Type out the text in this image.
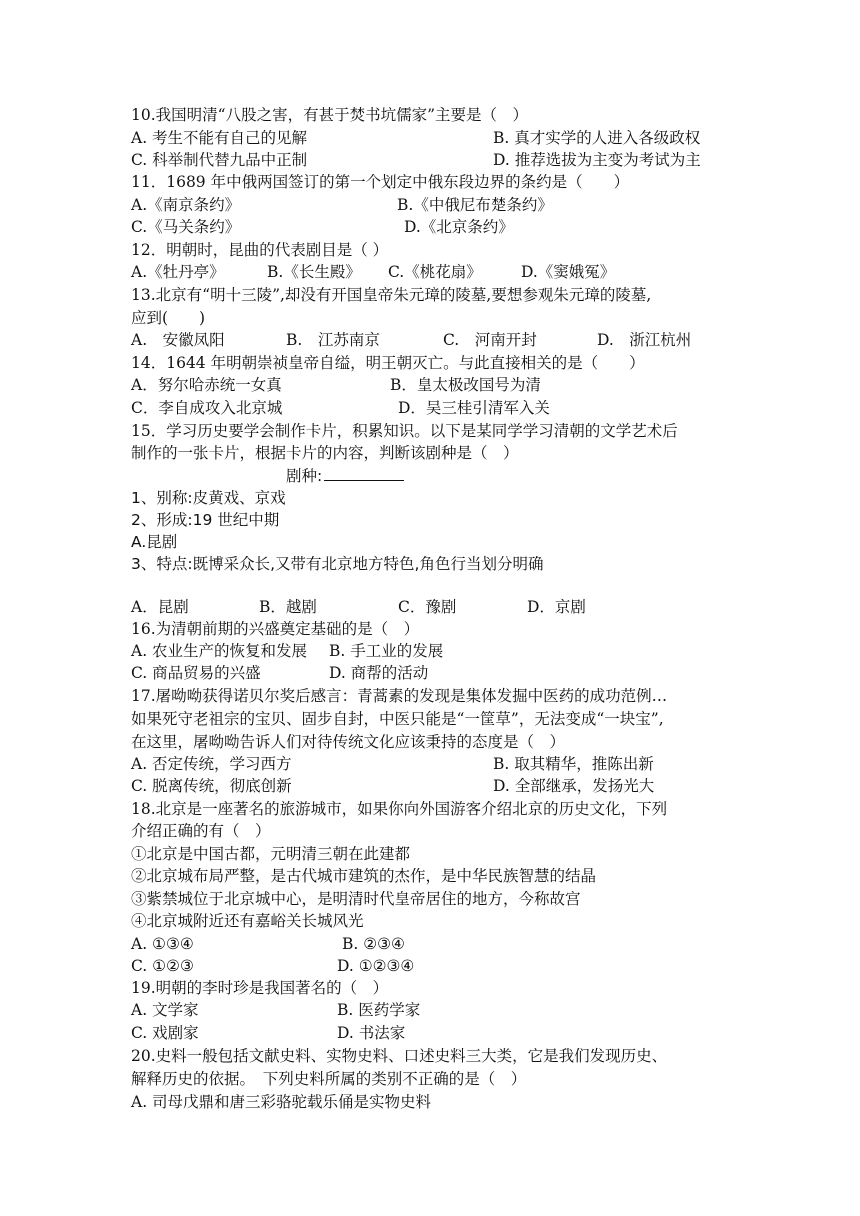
10.我国明清“八股之害，有甚于焚书坑儒家”主要是（　）
A. 考生不能有自己的见解	B. 真才实学的人进入各级政权
C. 科举制代替九品中正制	D. 推荐选拔为主变为考试为主
11．1689 年中俄两国签订的第一个划定中俄东段边界的条约是（　　）
A.《南京条约》	B.《中俄尼布楚条约》
C.《马关条约》	D.《北京条约》
12．明朝时，昆曲的代表剧目是（ ）
A.《牡丹亭》	B.《长生殿》 C.《桃花扇》	D.《窦娥冤》
13.北京有“明十三陵”,却没有开国皇帝朱元璋的陵墓,要想参观朱元璋的陵墓,
应到(　　)
A.　安徽凤阳	B.　江苏南京	C.　河南开封	D.　浙江杭州
14．1644 年明朝崇祯皇帝自缢，明王朝灭亡。与此直接相关的是（　　）
A．努尔哈赤统一女真	B．皇太极改国号为清
C．李自成攻入北京城	D．吴三桂引清军入关
15．学习历史要学会制作卡片，积累知识。以下是某同学学习清朝的文学艺术后
制作的一张卡片，根据卡片的内容，判断该剧种是（　）
剧种:
1、别称:皮黄戏、京戏
2、形成:19 世纪中期
A.昆剧
3、特点:既博采众长,又带有北京地方特色,角色行当划分明确
A．昆剧	B．越剧	C．豫剧	D．京剧
16.为清朝前期的兴盛奠定基础的是（　）
A. 农业生产的恢复和发展 B. 手工业的发展
C. 商品贸易的兴盛	D. 商帮的活动
17.屠呦呦获得诺贝尔奖后感言：青蒿素的发现是集体发掘中医药的成功范例…
如果死守老祖宗的宝贝、固步自封，中医只能是“一筐草”，无法变成“一块宝”,
在这里，屠呦呦告诉人们对待传统文化应该秉持的态度是（　）
A. 否定传统，学习西方	B. 取其精华，推陈出新
C. 脱离传统，彻底创新	D. 全部继承，发扬光大
18.北京是一座著名的旅游城市，如果你向外国游客介绍北京的历史文化，下列
介绍正确的有（　）
①北京是中国古都，元明清三朝在此建都
②北京城布局严整，是古代城市建筑的杰作，是中华民族智慧的结晶
③紫禁城位于北京城中心，是明清时代皇帝居住的地方，今称故宫
④北京城附近还有嘉峪关长城风光
A. ①③④	B. ②③④
C. ①②③	D. ①②③④
19.明朝的李时珍是我国著名的（　）
A. 文学家	B. 医药学家
C. 戏剧家	D. 书法家
20.史料一般包括文献史料、实物史料、口述史料三大类，它是我们发现历史、
解释历史的依据。　下列史料所属的类别不正确的是（　）
A. 司母戊鼎和唐三彩骆驼载乐俑是实物史料
